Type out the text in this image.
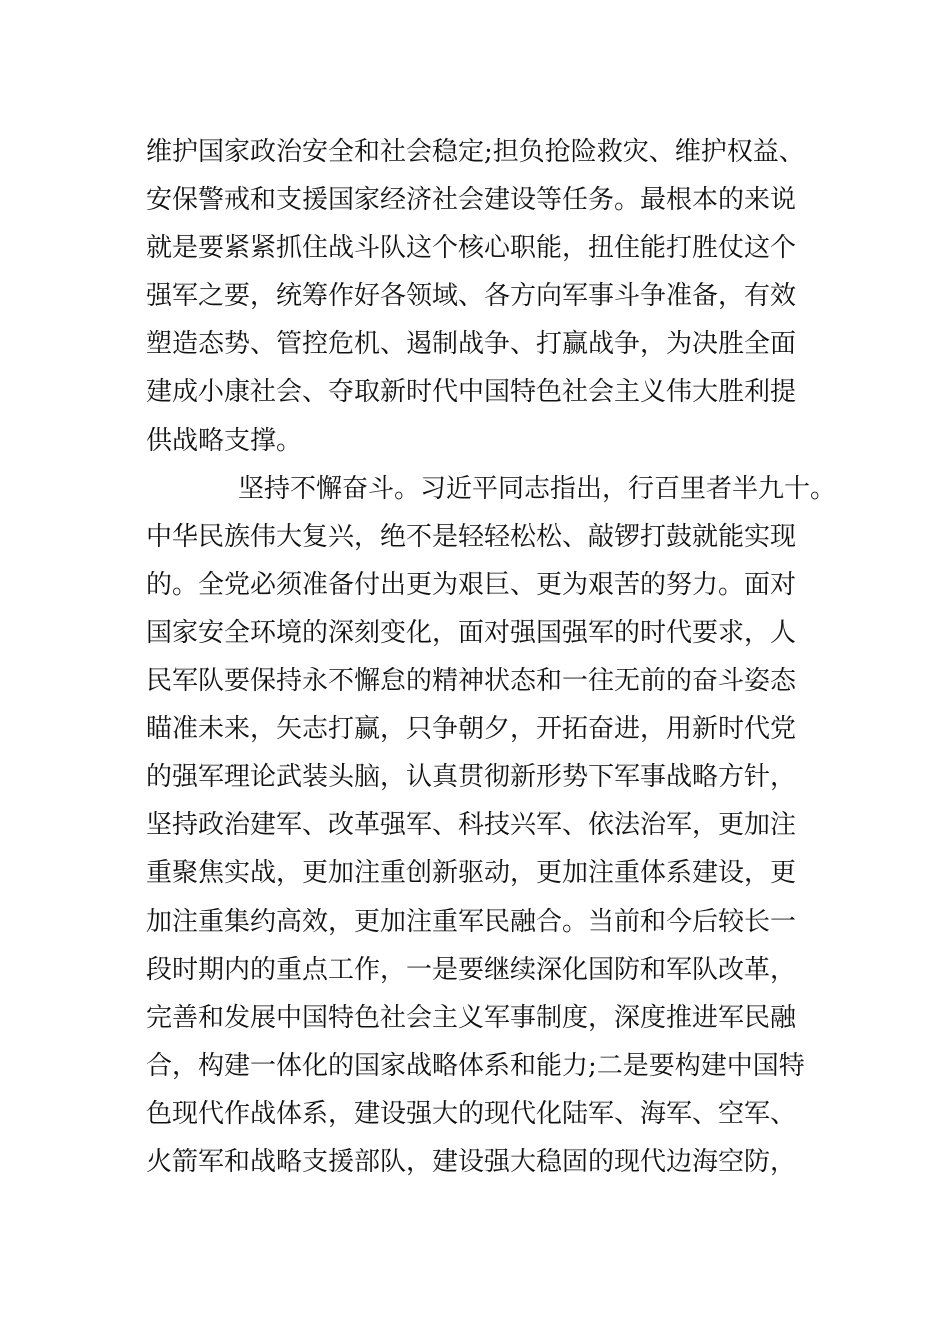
维护国家政治安全和社会稳定;担负抢险救灾、维护权益、
安保警戒和支援国家经济社会建设等任务。最根本的来说
就是要紧紧抓住战斗队这个核心职能，扭住能打胜仗这个
强军之要，统筹作好各领域、各方向军事斗争准备，有效
塑造态势、管控危机、遏制战争、打赢战争，为决胜全面
建成小康社会、夺取新时代中国特色社会主义伟大胜利提
供战略支撑。
坚持不懈奋斗。习近平同志指出，行百里者半九十。
中华民族伟大复兴，绝不是轻轻松松、敲锣打鼓就能实现
的。全党必须准备付出更为艰巨、更为艰苦的努力。面对
国家安全环境的深刻变化，面对强国强军的时代要求，人
民军队要保持永不懈怠的精神状态和一往无前的奋斗姿态
瞄准未来，矢志打赢，只争朝夕，开拓奋进，用新时代党
的强军理论武装头脑，认真贯彻新形势下军事战略方针，
坚持政治建军、改革强军、科技兴军、依法治军，更加注
重聚焦实战，更加注重创新驱动，更加注重体系建设，更
加注重集约高效，更加注重军民融合。当前和今后较长一
段时期内的重点工作，一是要继续深化国防和军队改革，
完善和发展中国特色社会主义军事制度，深度推进军民融
合，构建一体化的国家战略体系和能力;二是要构建中国特
色现代作战体系，建设强大的现代化陆军、海军、空军、
火箭军和战略支援部队，建设强大稳固的现代边海空防，
